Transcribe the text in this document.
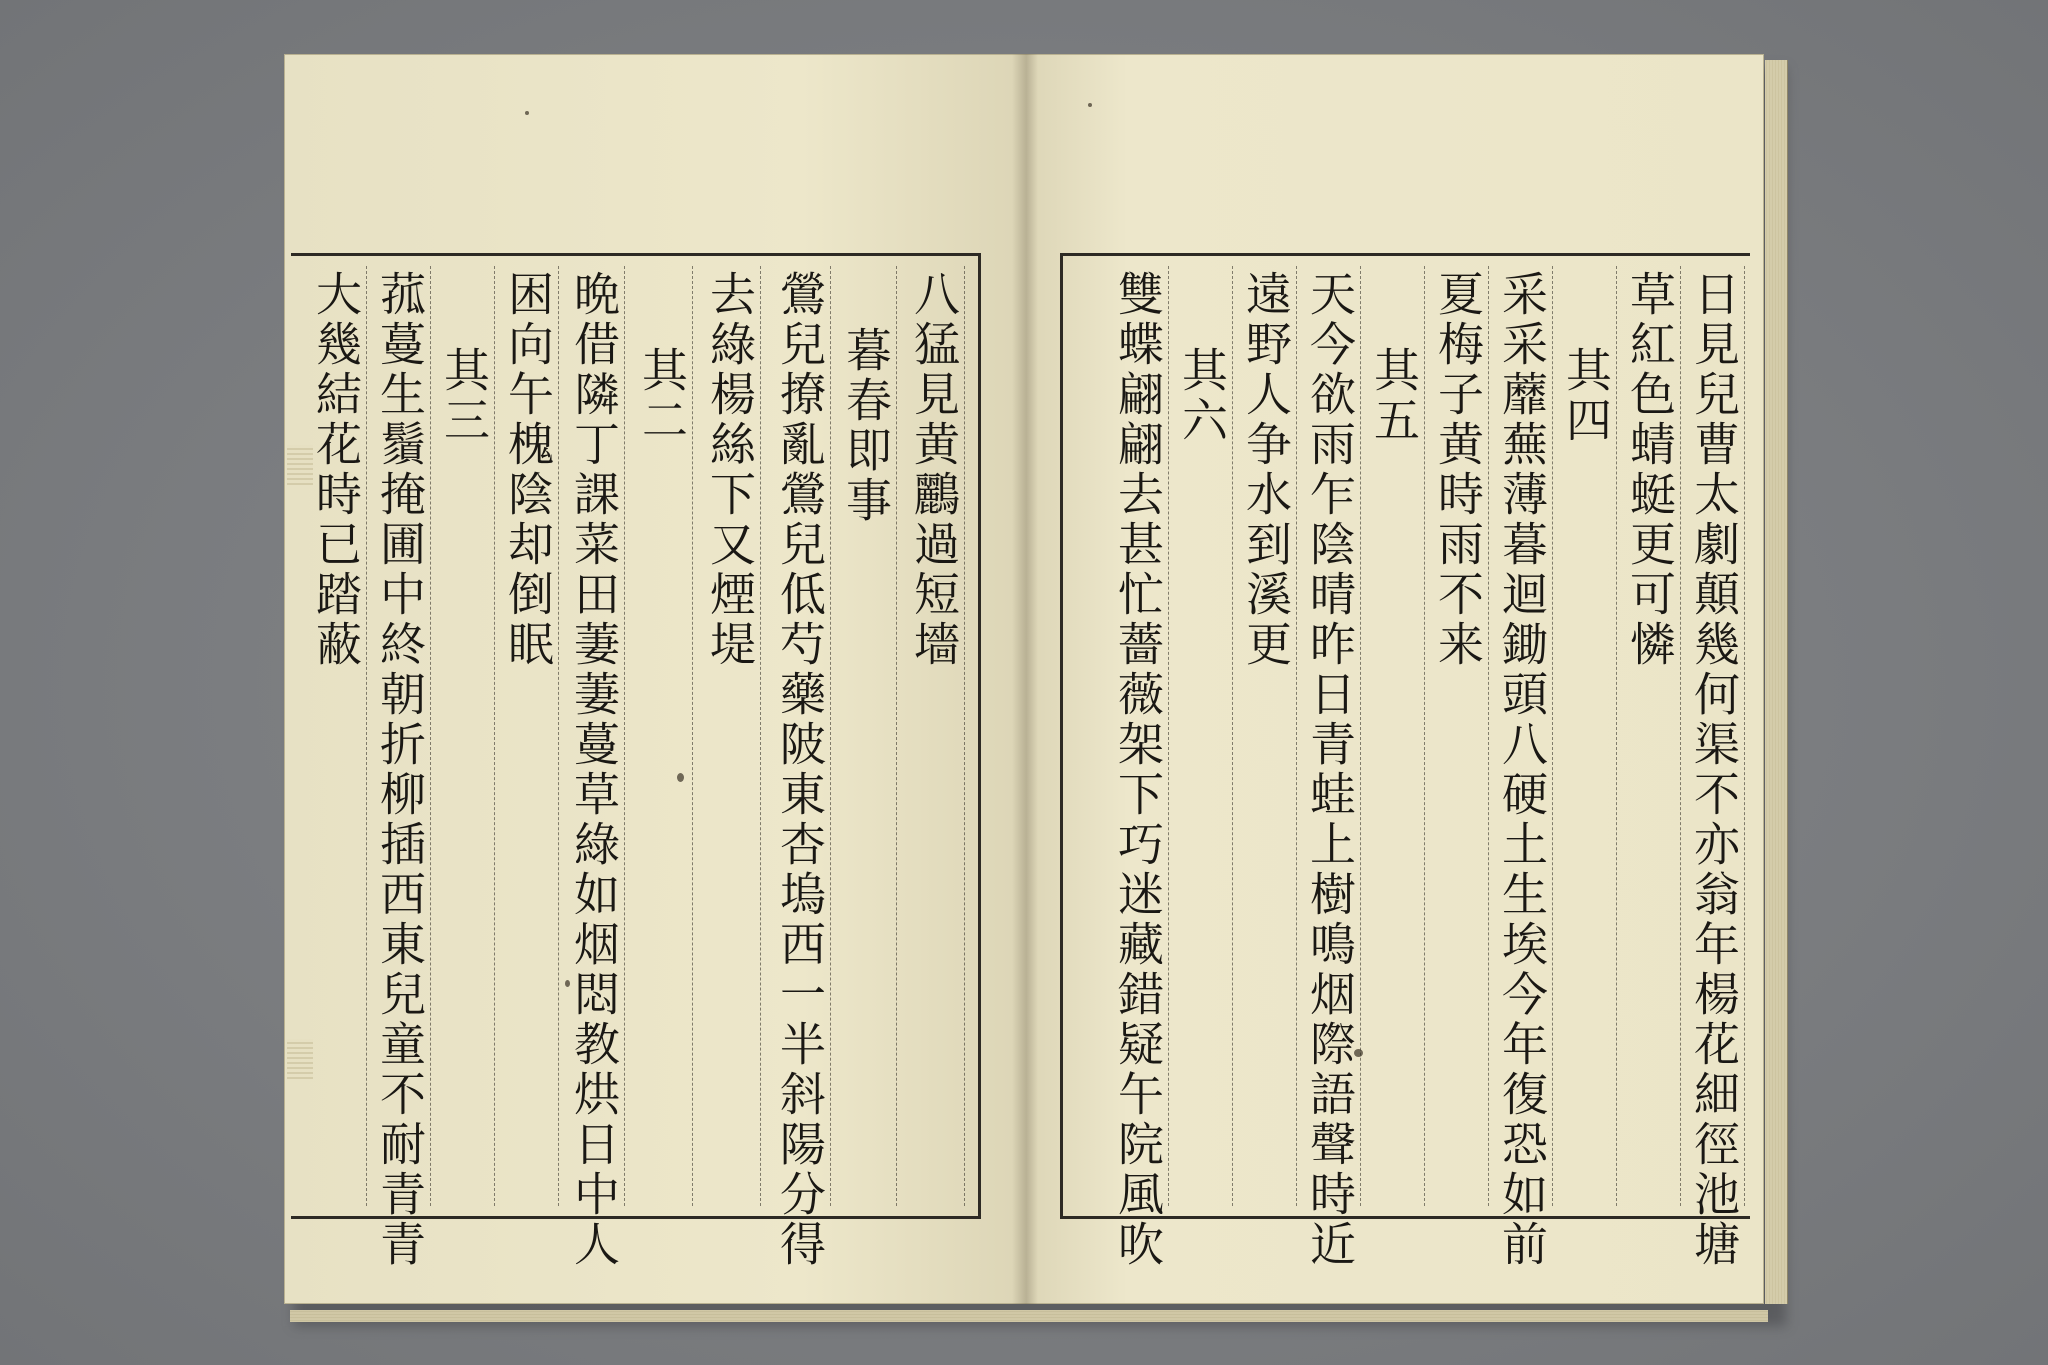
八猛見黄鸝過短墻
暮春即事
鶯兒撩亂鶯兒低芍藥陂東杏塢西一半斜陽分得
去綠楊絲下又煙堤
其二
晩借隣丁課菜田萋萋蔓草綠如烟悶教烘日中人
困向午槐陰却倒眠
其三
菰蔓生鬚掩圃中終朝折柳插西東兒童不耐青青
大幾結花時已踏蔽	日見兒曹太劇顛幾何渠不亦翁年楊花細徑池塘
草紅色蜻蜓更可憐
其四
采采蘼蕪薄暮迴鋤頭八硬土生埃今年復恐如前
夏梅子黄時雨不来
其五
天今欲雨乍陰晴昨日青蛙上樹鳴烟際語聲時近
遠野人争水到溪更
其六
雙蝶翩翩去甚忙薔薇架下巧迷藏錯疑午院風吹
